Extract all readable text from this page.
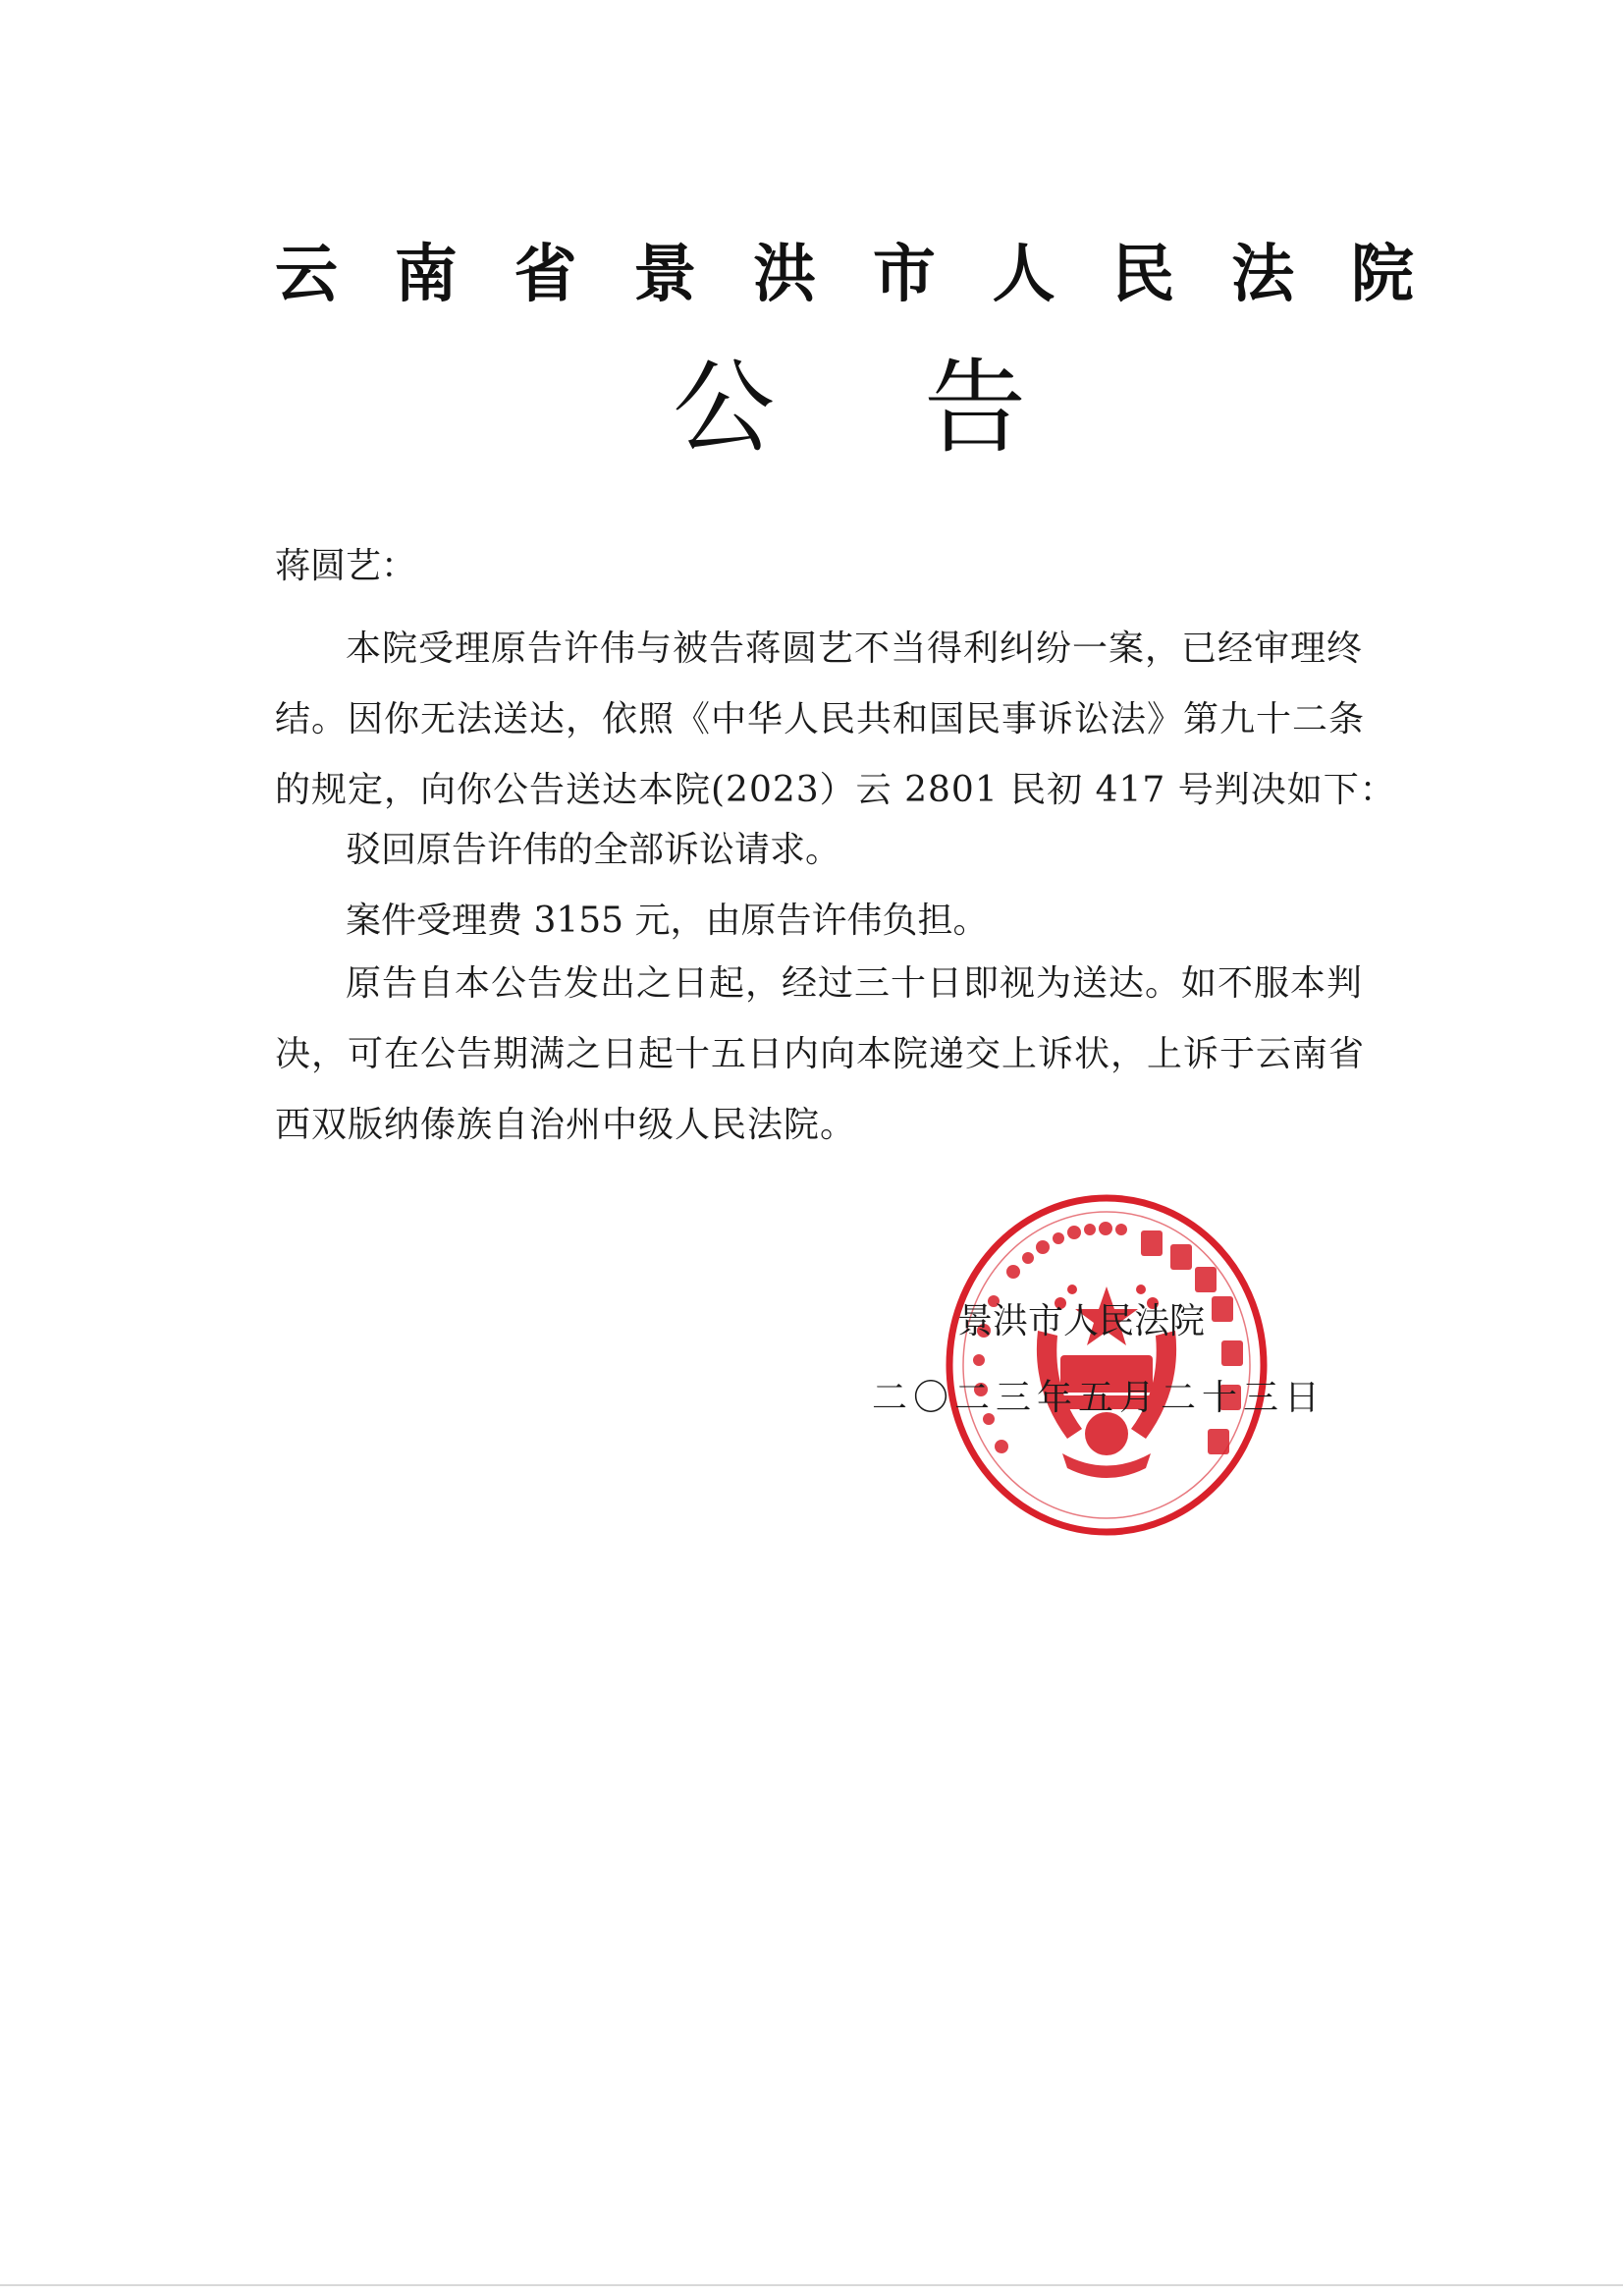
云 南 省 景 洪 市 人 民 法 院
公 告
蒋圆艺：
本院受理原告许伟与被告蒋圆艺不当得利纠纷一案，已经审理终
结。因你无法送达，依照《中华人民共和国民事诉讼法》第九十二条
的规定，向你公告送达本院(2023）云 2801 民初 417 号判决如下：
驳回原告许伟的全部诉讼请求。
案件受理费 3155 元，由原告许伟负担。
原告自本公告发出之日起，经过三十日即视为送达。如不服本判
决，可在公告期满之日起十五日内向本院递交上诉状，上诉于云南省
西双版纳傣族自治州中级人民法院。
景洪市人民法院
二〇二三年五月二十三日
